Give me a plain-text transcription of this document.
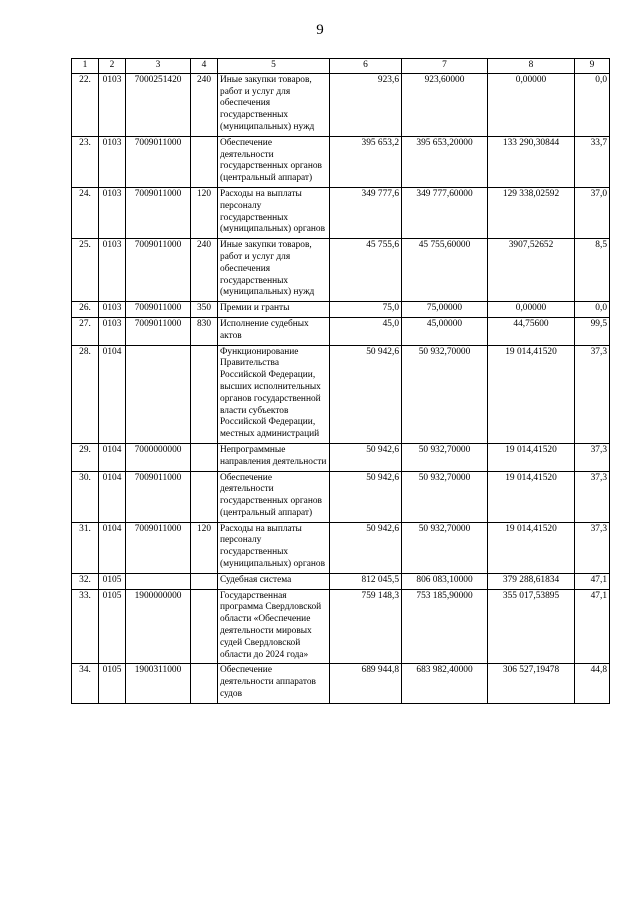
9
1	2	3	4	5	6	7	8	9
22.	0103	7000251420	240	Иные закупки товаров, работ и услуг для обеспечения государственных (муниципальных) нужд	923,6	923,60000	0,00000	0,0
23.	0103	7009011000		Обеспечение деятельности государственных органов (центральный аппарат)	395 653,2	395 653,20000	133 290,30844	33,7
24.	0103	7009011000	120	Расходы на выплаты персоналу государственных (муниципальных) органов	349 777,6	349 777,60000	129 338,02592	37,0
25.	0103	7009011000	240	Иные закупки товаров, работ и услуг для обеспечения государственных (муниципальных) нужд	45 755,6	45 755,60000	3907,52652	8,5
26.	0103	7009011000	350	Премии и гранты	75,0	75,00000	0,00000	0,0
27.	0103	7009011000	830	Исполнение судебных актов	45,0	45,00000	44,75600	99,5
28.	0104			Функционирование Правительства Российской Федерации, высших исполнительных органов государственной власти субъектов Российской Федерации, местных администраций	50 942,6	50 932,70000	19 014,41520	37,3
29.	0104	7000000000		Непрограммные направления деятельности	50 942,6	50 932,70000	19 014,41520	37,3
30.	0104	7009011000		Обеспечение деятельности государственных органов (центральный аппарат)	50 942,6	50 932,70000	19 014,41520	37,3
31.	0104	7009011000	120	Расходы на выплаты персоналу государственных (муниципальных) органов	50 942,6	50 932,70000	19 014,41520	37,3
32.	0105			Судебная система	812 045,5	806 083,10000	379 288,61834	47,1
33.	0105	1900000000		Государственная программа Свердловской области «Обеспечение деятельности мировых судей Свердловской области до 2024 года»	759 148,3	753 185,90000	355 017,53895	47,1
34.	0105	1900311000		Обеспечение деятельности аппаратов судов	689 944,8	683 982,40000	306 527,19478	44,8
